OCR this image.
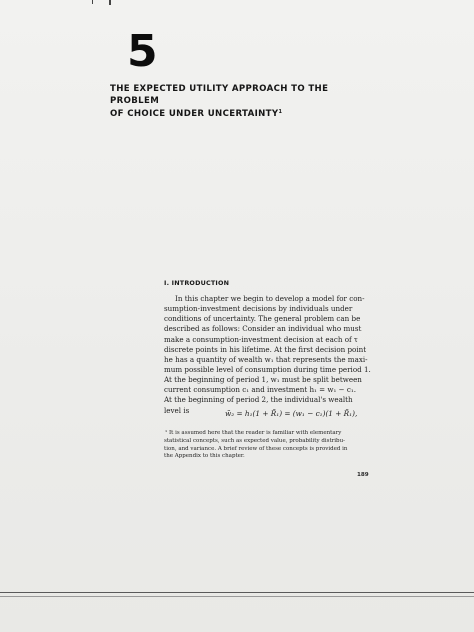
5
THE EXPECTED UTILITY APPROACH TO THE PROBLEM
OF CHOICE UNDER UNCERTAINTY$^1$
I. INTRODUCTION
In this chapter we begin to develop a model for con-
sumption-investment decisions by individuals under
conditions of uncertainty. The general problem can be
described as follows: Consider an individual who must
make a consumption-investment decision at each of τ
discrete points in his lifetime. At the first decision point
he has a quantity of wealth w₁ that represents the maxi-
mum possible level of consumption during time period 1.
At the beginning of period 1, w₁ must be split between
current consumption c₁ and investment h₁ = w₁ − c₁.
At the beginning of period 2, the individual's wealth
level is	w̃₂ = h₁(1 + R̃₁) = (w₁ − c₁)(1 + R̃₁),
¹ It is assumed here that the reader is familiar with elementary
statistical concepts, such as expected value, probability distribu-
tion, and variance. A brief review of these concepts is provided in
the Appendix to this chapter.
189
